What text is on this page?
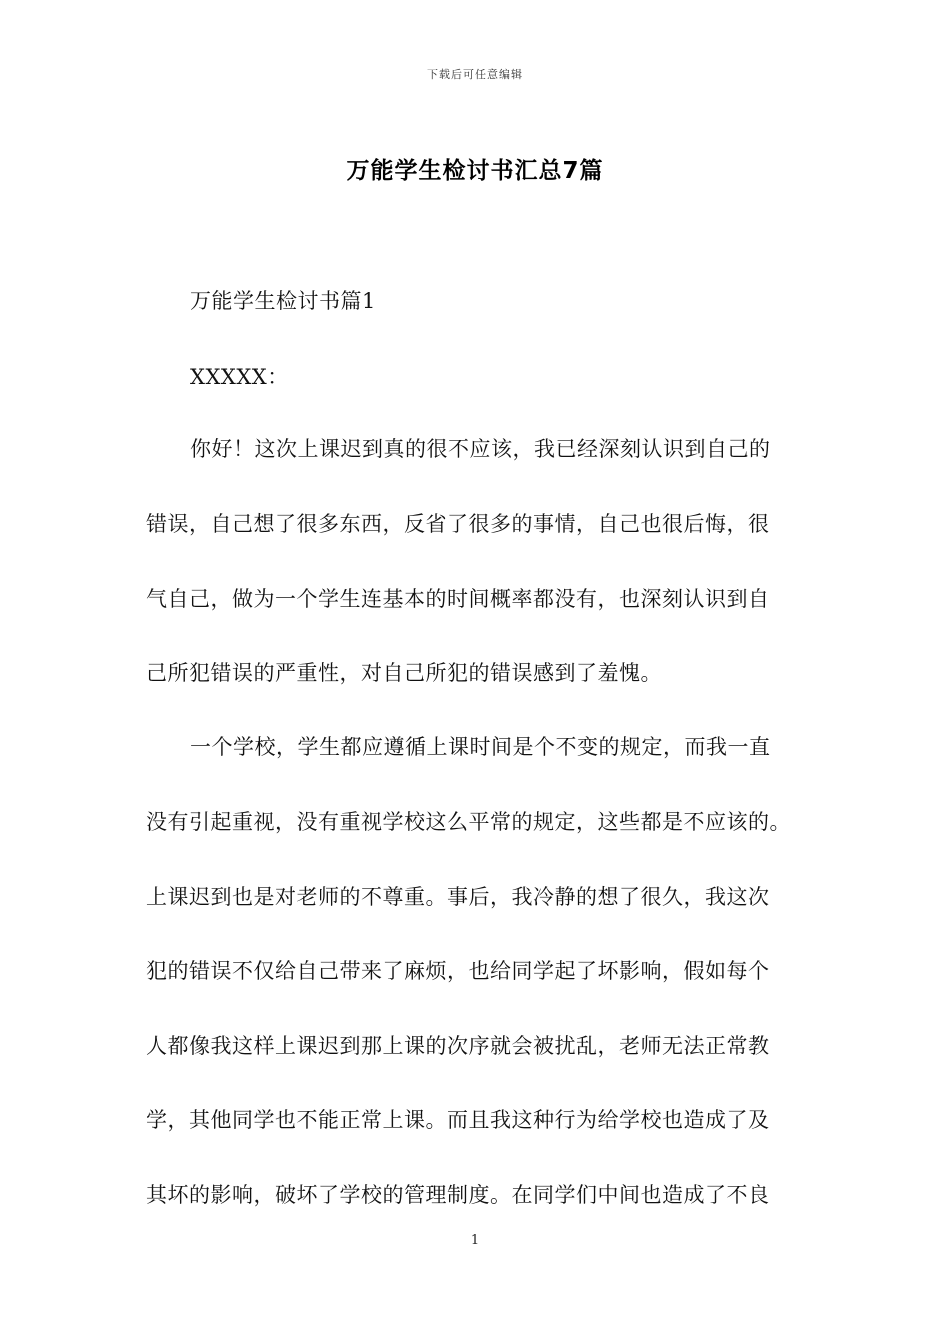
下载后可任意编辑
万能学生检讨书汇总7篇
万能学生检讨书篇1
XXXXX：
你好！这次上课迟到真的很不应该，我已经深刻认识到自己的
错误，自己想了很多东西，反省了很多的事情，自己也很后悔，很
气自己，做为一个学生连基本的时间概率都没有，也深刻认识到自
己所犯错误的严重性，对自己所犯的错误感到了羞愧。
一个学校，学生都应遵循上课时间是个不变的规定，而我一直
没有引起重视，没有重视学校这么平常的规定，这些都是不应该的。
上课迟到也是对老师的不尊重。事后，我冷静的想了很久，我这次
犯的错误不仅给自己带来了麻烦，也给同学起了坏影响，假如每个
人都像我这样上课迟到那上课的次序就会被扰乱，老师无法正常教
学，其他同学也不能正常上课。而且我这种行为给学校也造成了及
其坏的影响，破坏了学校的管理制度。在同学们中间也造成了不良
1
